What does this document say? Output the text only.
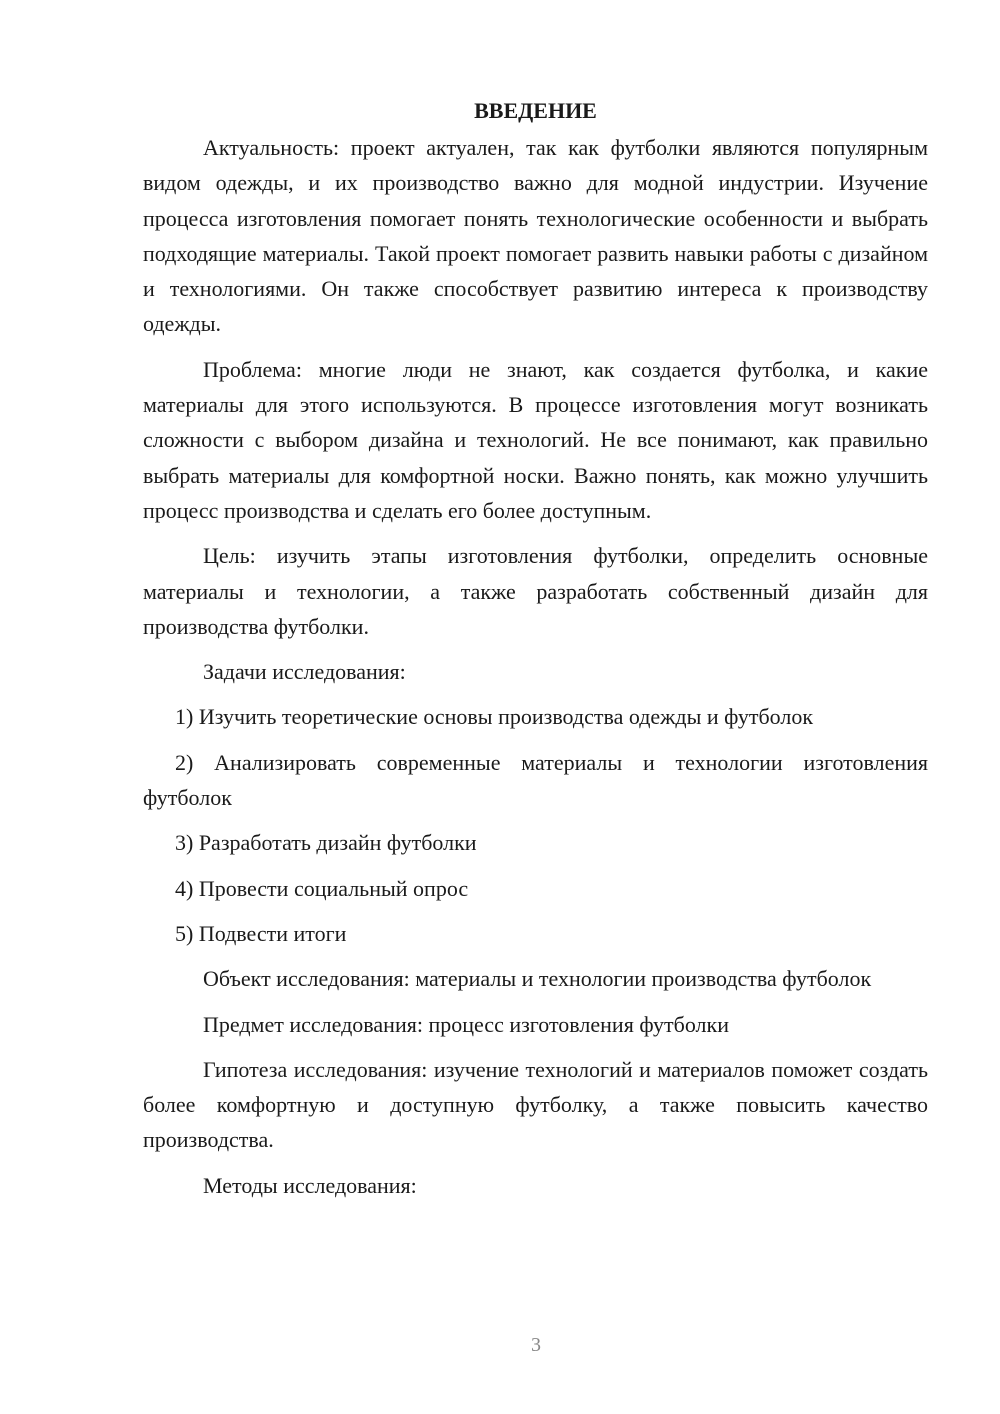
ВВЕДЕНИЕ

Актуальность: проект актуален, так как футболки являются популярным видом одежды, и их производство важно для модной индустрии. Изучение процесса изготовления помогает понять технологические особенности и выбрать подходящие материалы. Такой проект помогает развить навыки работы с дизайном и технологиями. Он также способствует развитию интереса к производству одежды.

Проблема: многие люди не знают, как создается футболка, и какие материалы для этого используются. В процессе изготовления могут возникать сложности с выбором дизайна и технологий. Не все понимают, как правильно выбрать материалы для комфортной носки. Важно понять, как можно улучшить процесс производства и сделать его более доступным.

Цель: изучить этапы изготовления футболки, определить основные материалы и технологии, а также разработать собственный дизайн для производства футболки.

Задачи исследования:

1) Изучить теоретические основы производства одежды и футболок

2) Анализировать современные материалы и технологии изготовления футболок

3) Разработать дизайн футболки

4) Провести социальный опрос

5) Подвести итоги

Объект исследования: материалы и технологии производства футболок

Предмет исследования: процесс изготовления футболки

Гипотеза исследования: изучение технологий и материалов поможет создать более комфортную и доступную футболку, а также повысить качество производства.

Методы исследования:

3
